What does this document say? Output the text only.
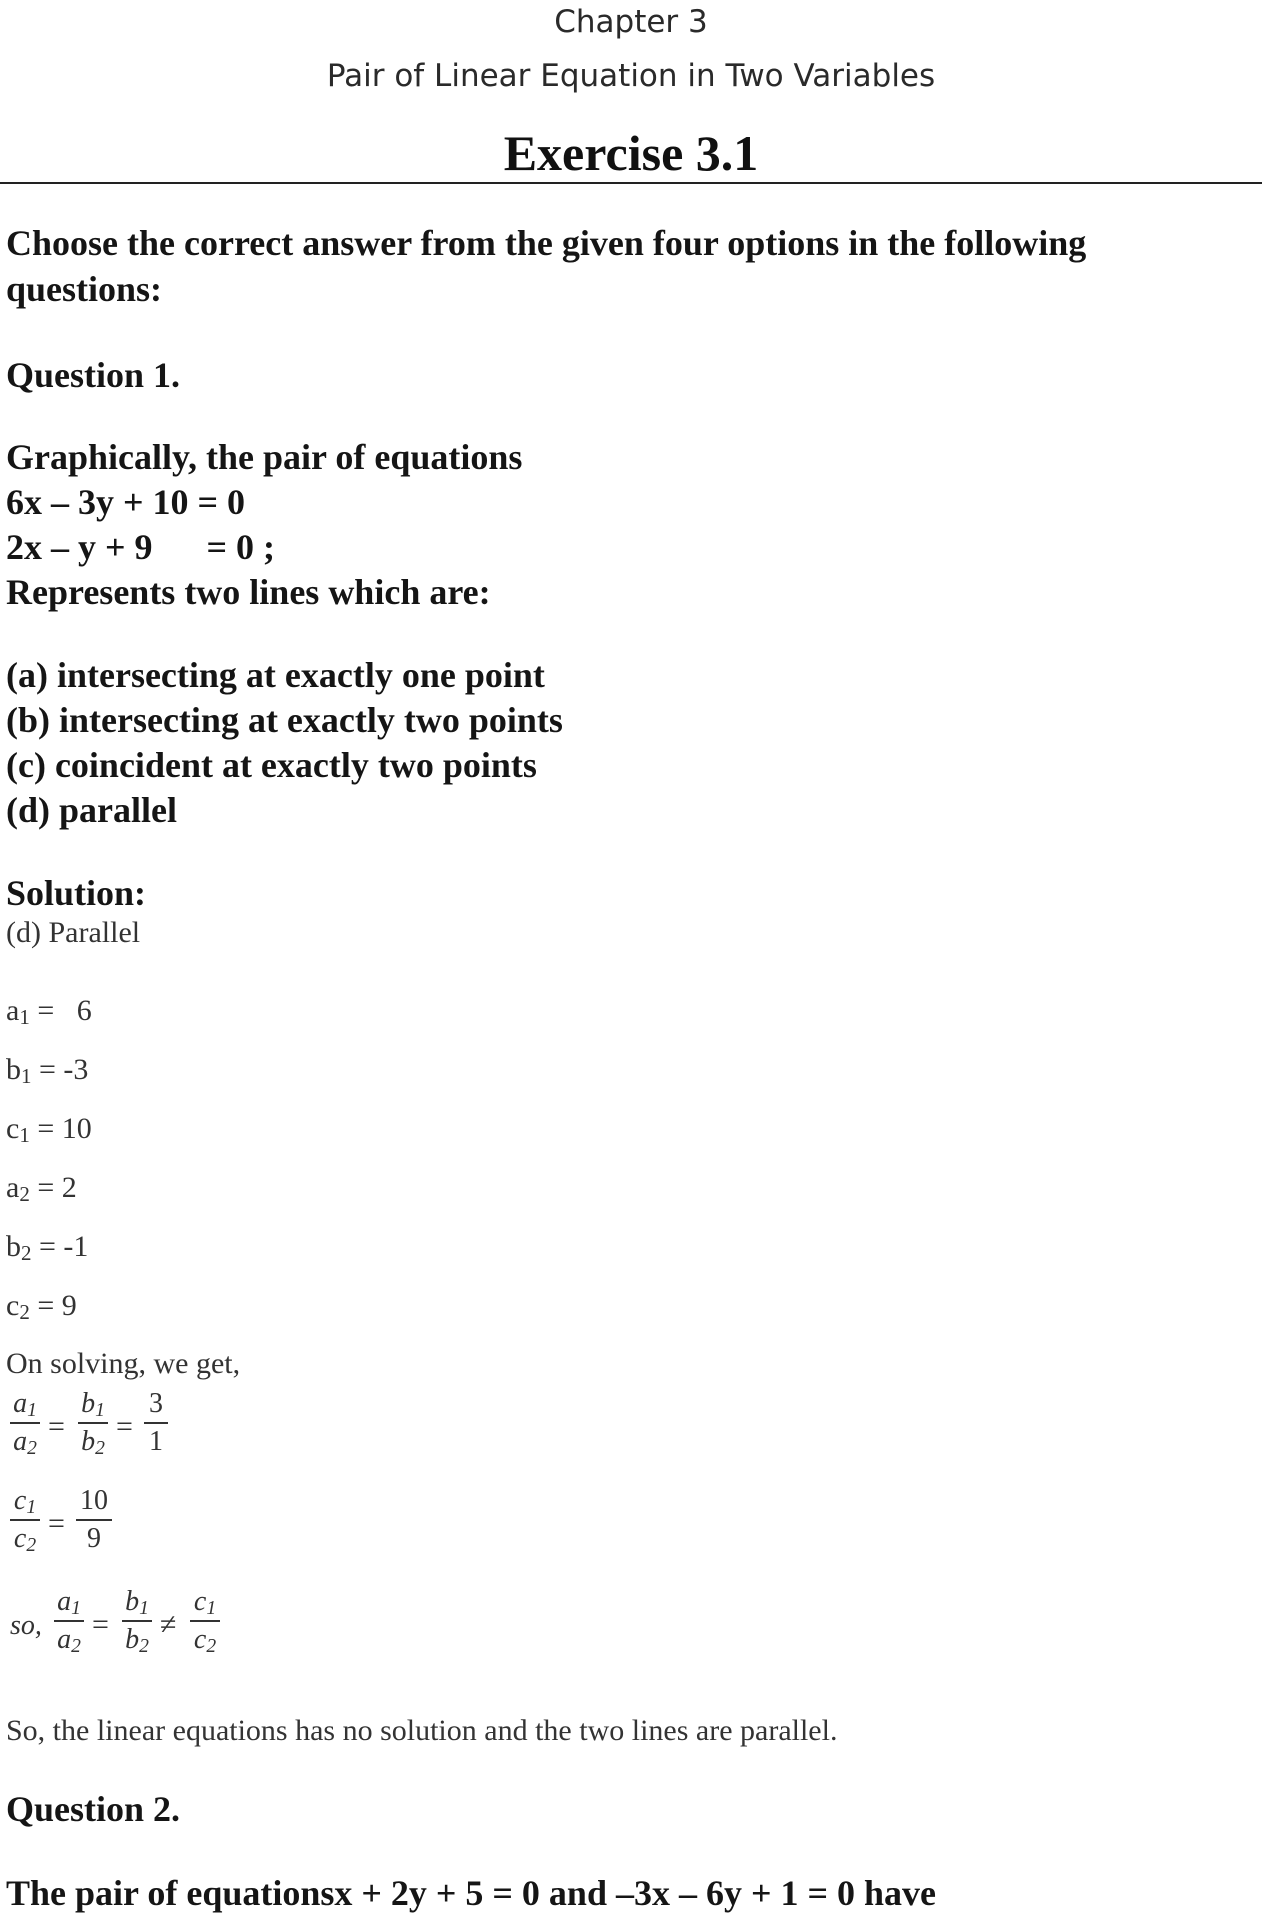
Chapter 3
Pair of Linear Equation in Two Variables
Exercise 3.1
Choose the correct answer from the given four options in the following
questions:
Question 1.
Graphically, the pair of equations
6x – 3y + 10 = 0
2x – y + 9      = 0 ;
Represents two lines which are:
(a) intersecting at exactly one point
(b) intersecting at exactly two points
(c) coincident at exactly two points
(d) parallel
Solution:
(d) Parallel
a1 =   6
b1 = -3
c1 = 10
a2 = 2
b2 = -1
c2 = 9
On solving, we get,
a1
a2
=
b1
b2
=
3
1
c1
c2
=
10
9
so,
a1
a2
=
b1
b2
≠
c1
c2
So, the linear equations has no solution and the two lines are parallel.
Question 2.
The pair of equationsx + 2y + 5 = 0 and –3x – 6y + 1 = 0 have
